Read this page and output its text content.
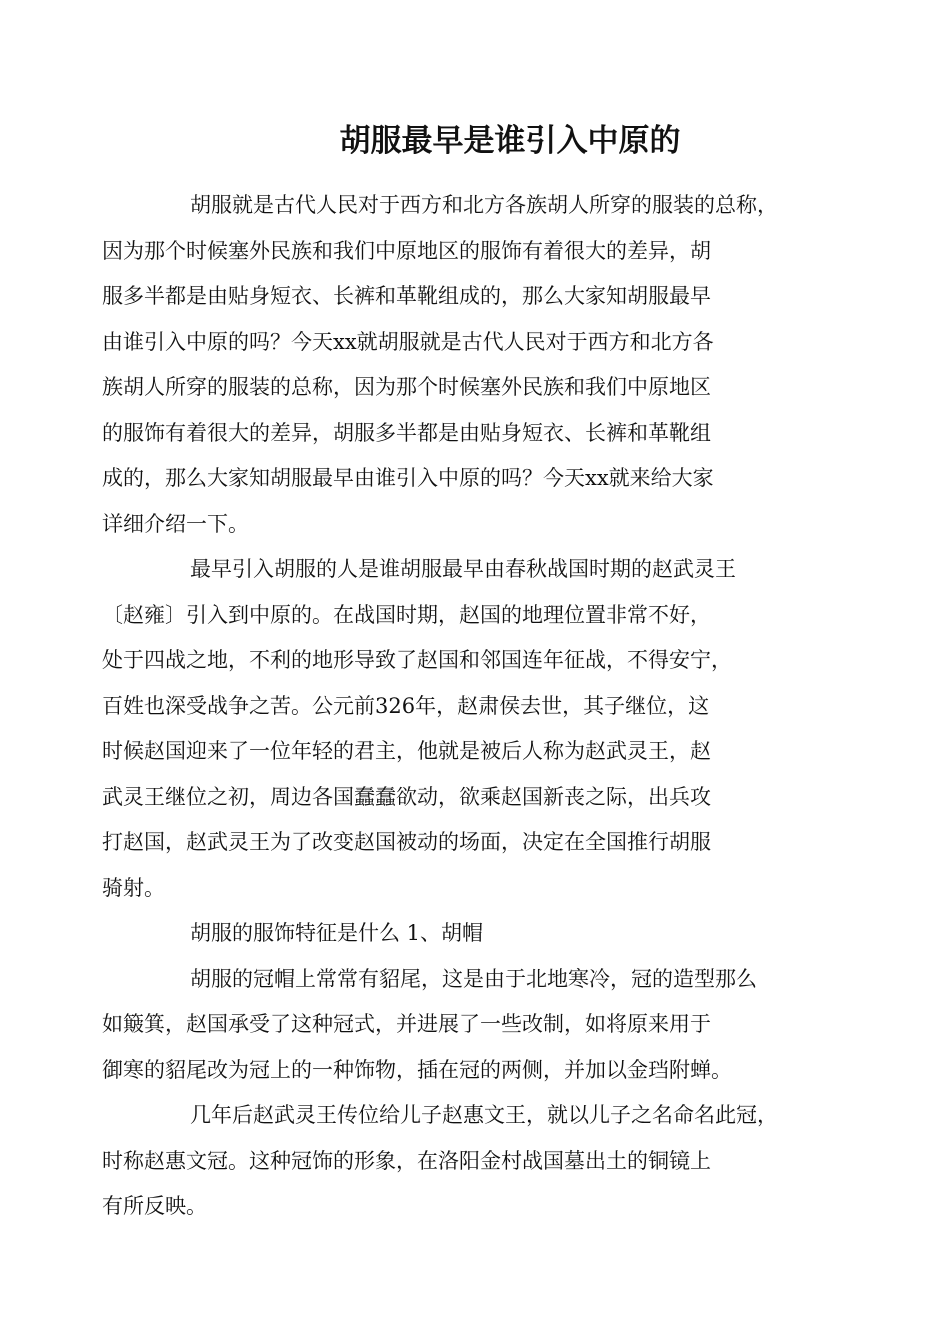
胡服最早是谁引入中原的

胡服就是古代人民对于西方和北方各族胡人所穿的服装的总称，
因为那个时候塞外民族和我们中原地区的服饰有着很大的差异，胡
服多半都是由贴身短衣、长裤和革靴组成的，那么大家知胡服最早
由谁引入中原的吗？今天xx就胡服就是古代人民对于西方和北方各
族胡人所穿的服装的总称，因为那个时候塞外民族和我们中原地区
的服饰有着很大的差异，胡服多半都是由贴身短衣、长裤和革靴组
成的，那么大家知胡服最早由谁引入中原的吗？今天xx就来给大家
详细介绍一下。

最早引入胡服的人是谁胡服最早由春秋战国时期的赵武灵王
〔赵雍〕引入到中原的。在战国时期，赵国的地理位置非常不好，
处于四战之地，不利的地形导致了赵国和邻国连年征战，不得安宁，
百姓也深受战争之苦。公元前326年，赵肃侯去世，其子继位，这
时候赵国迎来了一位年轻的君主，他就是被后人称为赵武灵王，赵
武灵王继位之初，周边各国蠢蠢欲动，欲乘赵国新丧之际，出兵攻
打赵国，赵武灵王为了改变赵国被动的场面，决定在全国推行胡服
骑射。

胡服的服饰特征是什么 1、胡帽

胡服的冠帽上常常有貂尾，这是由于北地寒冷，冠的造型那么
如簸箕，赵国承受了这种冠式，并进展了一些改制，如将原来用于
御寒的貂尾改为冠上的一种饰物，插在冠的两侧，并加以金珰附蝉。

几年后赵武灵王传位给儿子赵惠文王，就以儿子之名命名此冠，
时称赵惠文冠。这种冠饰的形象，在洛阳金村战国墓出土的铜镜上
有所反映。
